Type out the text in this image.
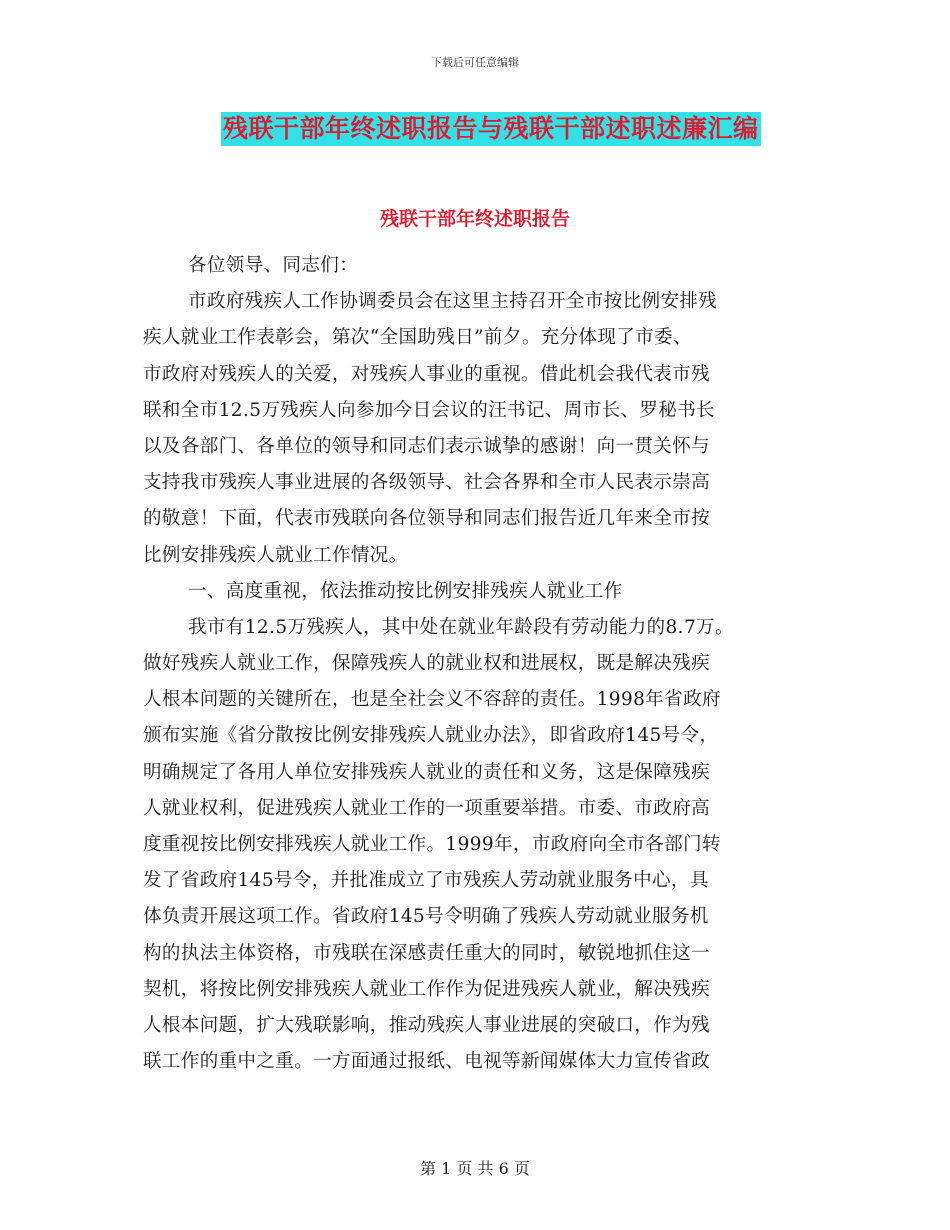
下载后可任意编辑
残联干部年终述职报告与残联干部述职述廉汇编
残联干部年终述职报告
各位领导、同志们：
市政府残疾人工作协调委员会在这里主持召开全市按比例安排残
疾人就业工作表彰会，第次“全国助残日”前夕。充分体现了市委、
市政府对残疾人的关爱，对残疾人事业的重视。借此机会我代表市残
联和全市12.5万残疾人向参加今日会议的汪书记、周市长、罗秘书长
以及各部门、各单位的领导和同志们表示诚挚的感谢！向一贯关怀与
支持我市残疾人事业进展的各级领导、社会各界和全市人民表示崇高
的敬意！下面，代表市残联向各位领导和同志们报告近几年来全市按
比例安排残疾人就业工作情况。
一、高度重视，依法推动按比例安排残疾人就业工作
我市有12.5万残疾人，其中处在就业年龄段有劳动能力的8.7万。
做好残疾人就业工作，保障残疾人的就业权和进展权，既是解决残疾
人根本问题的关键所在，也是全社会义不容辞的责任。1998年省政府
颁布实施《省分散按比例安排残疾人就业办法》，即省政府145号令，
明确规定了各用人单位安排残疾人就业的责任和义务，这是保障残疾
人就业权利，促进残疾人就业工作的一项重要举措。市委、市政府高
度重视按比例安排残疾人就业工作。1999年，市政府向全市各部门转
发了省政府145号令，并批准成立了市残疾人劳动就业服务中心，具
体负责开展这项工作。省政府145号令明确了残疾人劳动就业服务机
构的执法主体资格，市残联在深感责任重大的同时，敏锐地抓住这一
契机，将按比例安排残疾人就业工作作为促进残疾人就业，解决残疾
人根本问题，扩大残联影响，推动残疾人事业进展的突破口，作为残
联工作的重中之重。一方面通过报纸、电视等新闻媒体大力宣传省政
第 1 页 共 6 页
